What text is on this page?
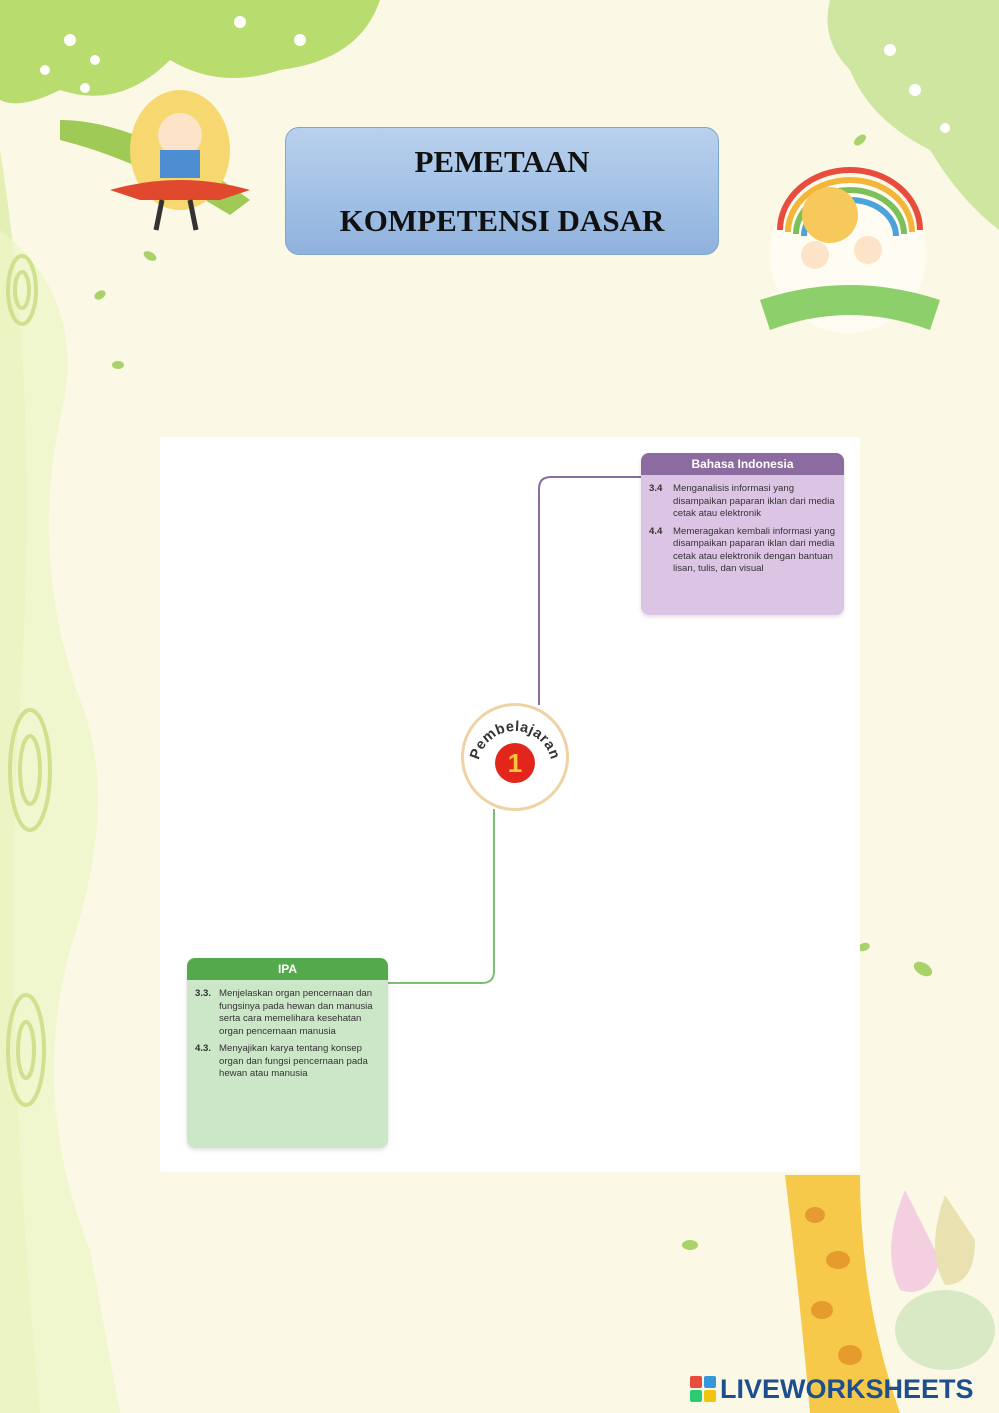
PEMETAAN
KOMPETENSI DASAR
Bahasa Indonesia
3.4	Menganalisis informasi yang disampaikan paparan iklan dari media cetak atau elektronik
4.4	Memeragakan kembali informasi yang disampaikan paparan iklan dari media cetak atau elektronik dengan bantuan lisan, tulis, dan visual
IPA
3.3. Menjelaskan organ pencernaan dan fungsinya pada hewan dan manusia serta cara memelihara kesehatan organ pencernaan manusia
4.3. Menyajikan karya tentang konsep organ dan fungsi pencernaan pada hewan atau manusia
Pembelajaran
1
LIVEWORKSHEETS
